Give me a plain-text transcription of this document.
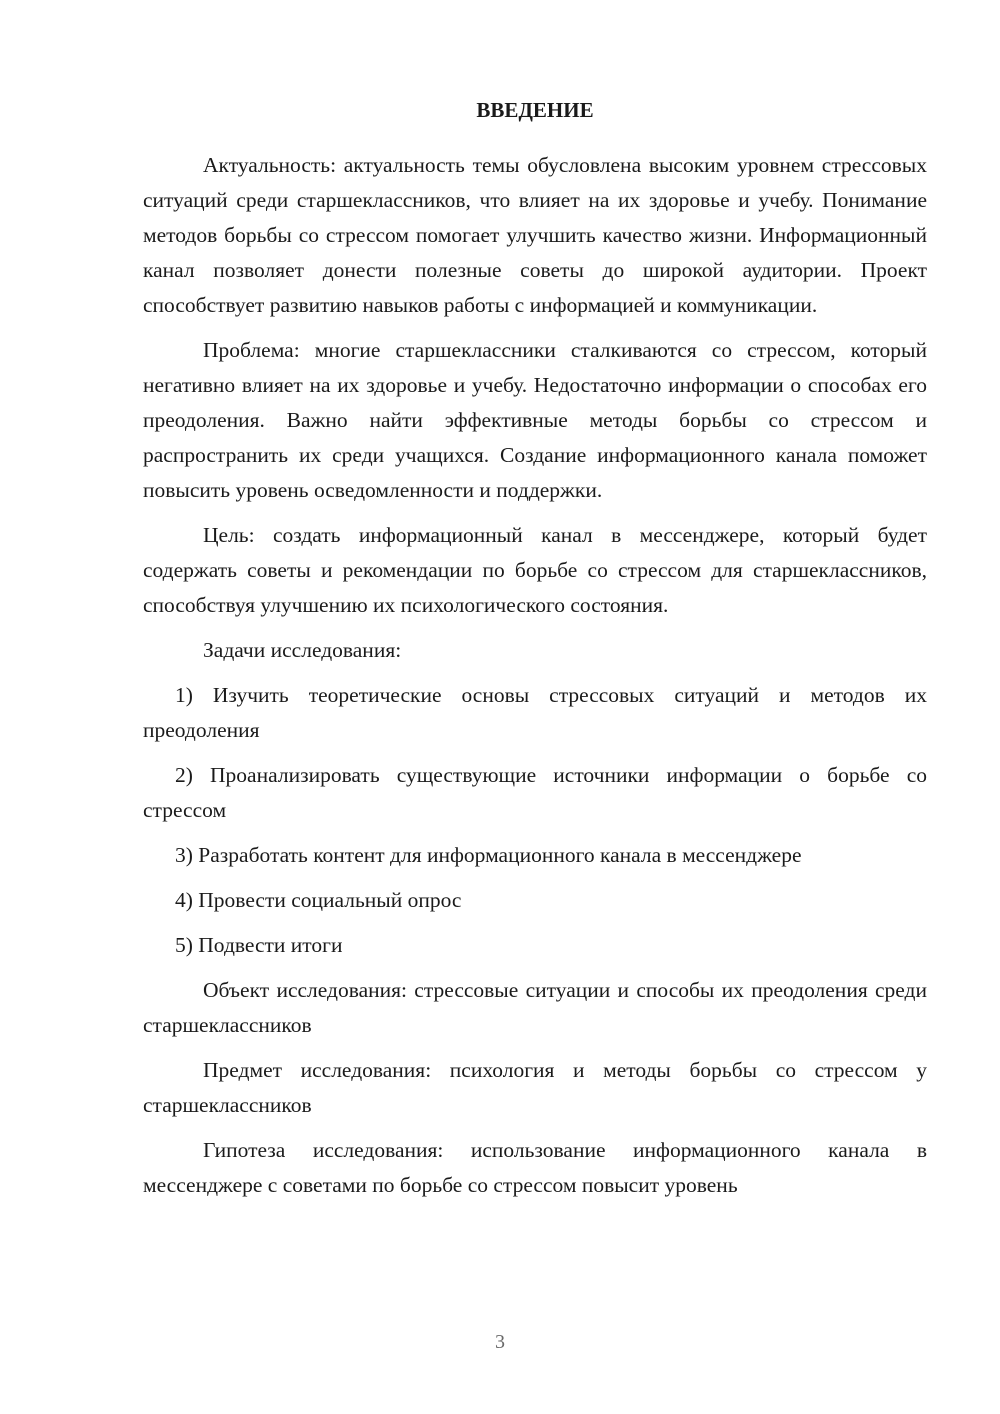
ВВЕДЕНИЕ

Актуальность: актуальность темы обусловлена высоким уровнем стрессовых ситуаций среди старшеклассников, что влияет на их здоровье и учебу. Понимание методов борьбы со стрессом помогает улучшить качество жизни. Информационный канал позволяет донести полезные советы до широкой аудитории. Проект способствует развитию навыков работы с информацией и коммуникации.

Проблема: многие старшеклассники сталкиваются со стрессом, который негативно влияет на их здоровье и учебу. Недостаточно информации о способах его преодоления. Важно найти эффективные методы борьбы со стрессом и распространить их среди учащихся. Создание информационного канала поможет повысить уровень осведомленности и поддержки.

Цель: создать информационный канал в мессенджере, который будет содержать советы и рекомендации по борьбе со стрессом для старшеклассников, способствуя улучшению их психологического состояния.

Задачи исследования:

1) Изучить теоретические основы стрессовых ситуаций и методов их преодоления

2) Проанализировать существующие источники информации о борьбе со стрессом

3) Разработать контент для информационного канала в мессенджере

4) Провести социальный опрос

5) Подвести итоги

Объект исследования: стрессовые ситуации и способы их преодоления среди старшеклассников

Предмет исследования: психология и методы борьбы со стрессом у старшеклассников

Гипотеза исследования: использование информационного канала в мессенджере с советами по борьбе со стрессом повысит уровень

3
